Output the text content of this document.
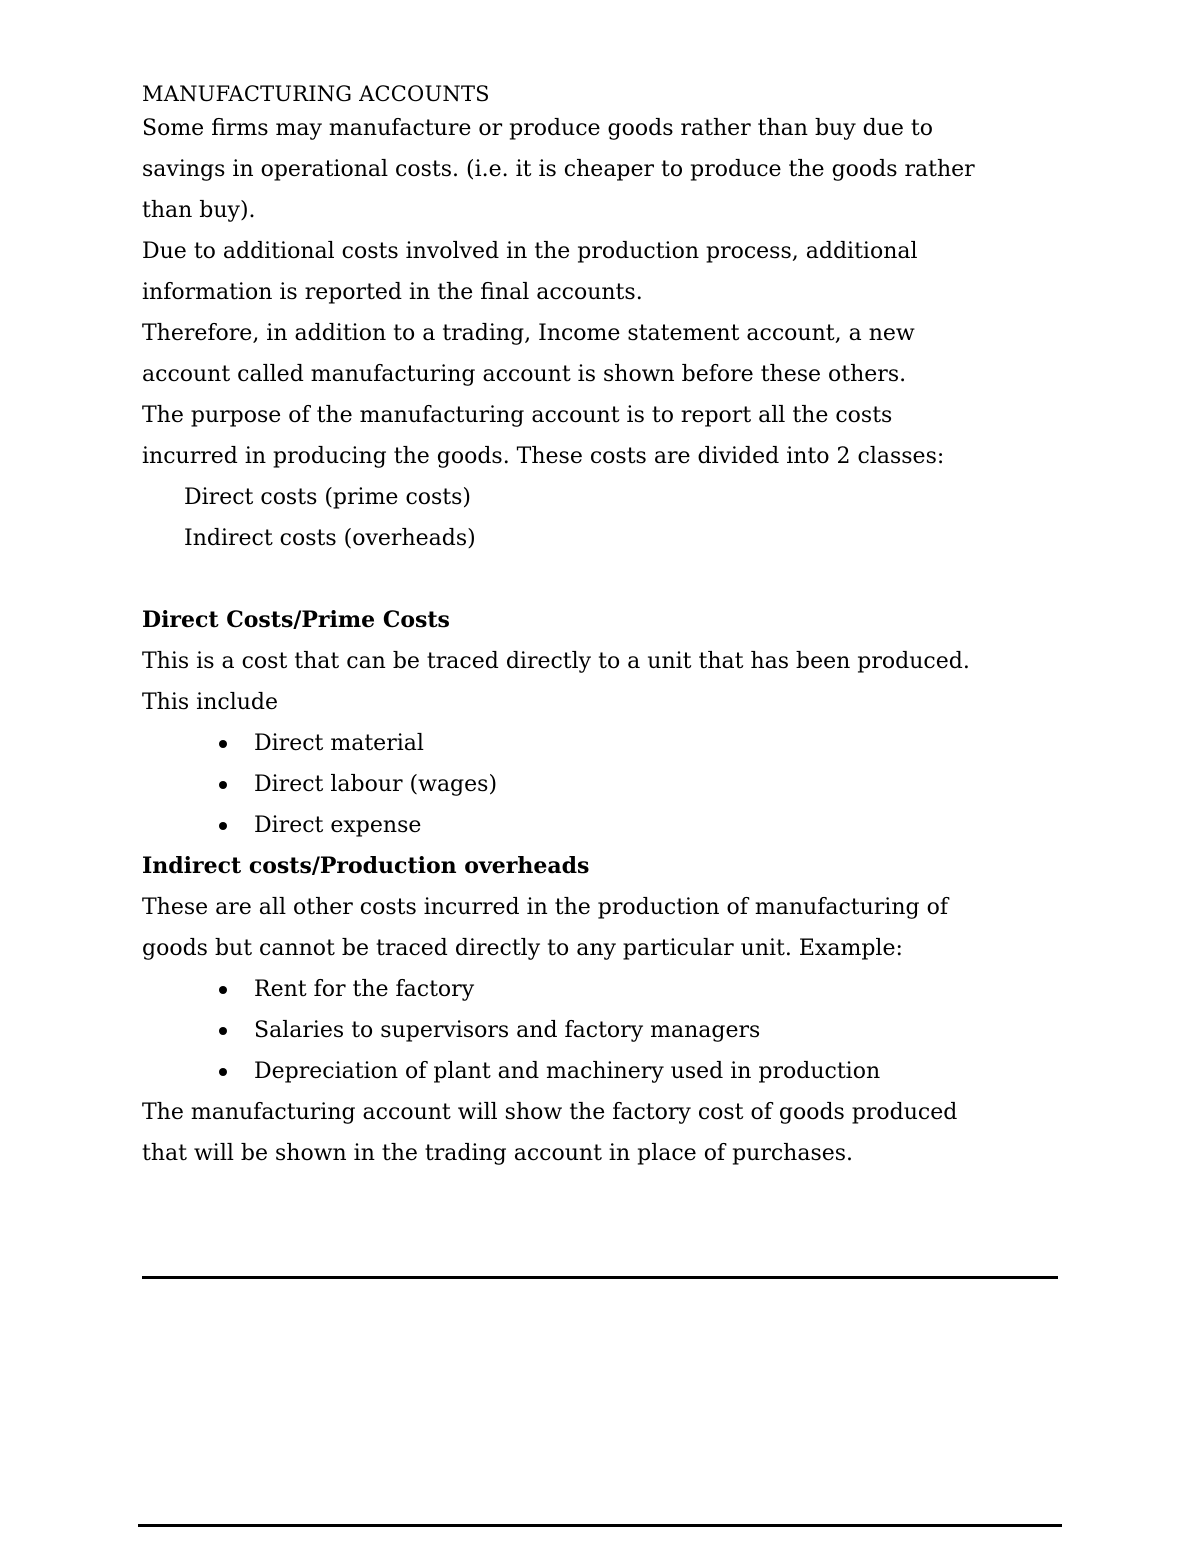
MANUFACTURING ACCOUNTS

Some firms may manufacture or produce goods rather than buy due to

savings in operational costs. (i.e. it is cheaper to produce the goods rather

than buy).

Due to additional costs involved in the production process, additional

information is reported in the final accounts.

Therefore, in addition to a trading, Income statement account, a new

account called manufacturing account is shown before these others.

The purpose of the manufacturing account is to report all the costs

incurred in producing the goods. These costs are divided into 2 classes:

Direct costs (prime costs)

Indirect costs (overheads)

Direct Costs/Prime Costs

This is a cost that can be traced directly to a unit that has been produced.

This include

Direct material
Direct labour (wages)
Direct expense
Indirect costs/Production overheads

These are all other costs incurred in the production of manufacturing of

goods but cannot be traced directly to any particular unit. Example:

Rent for the factory
Salaries to supervisors and factory managers
Depreciation of plant and machinery used in production

The manufacturing account will show the factory cost of goods produced

that will be shown in the trading account in place of purchases.
